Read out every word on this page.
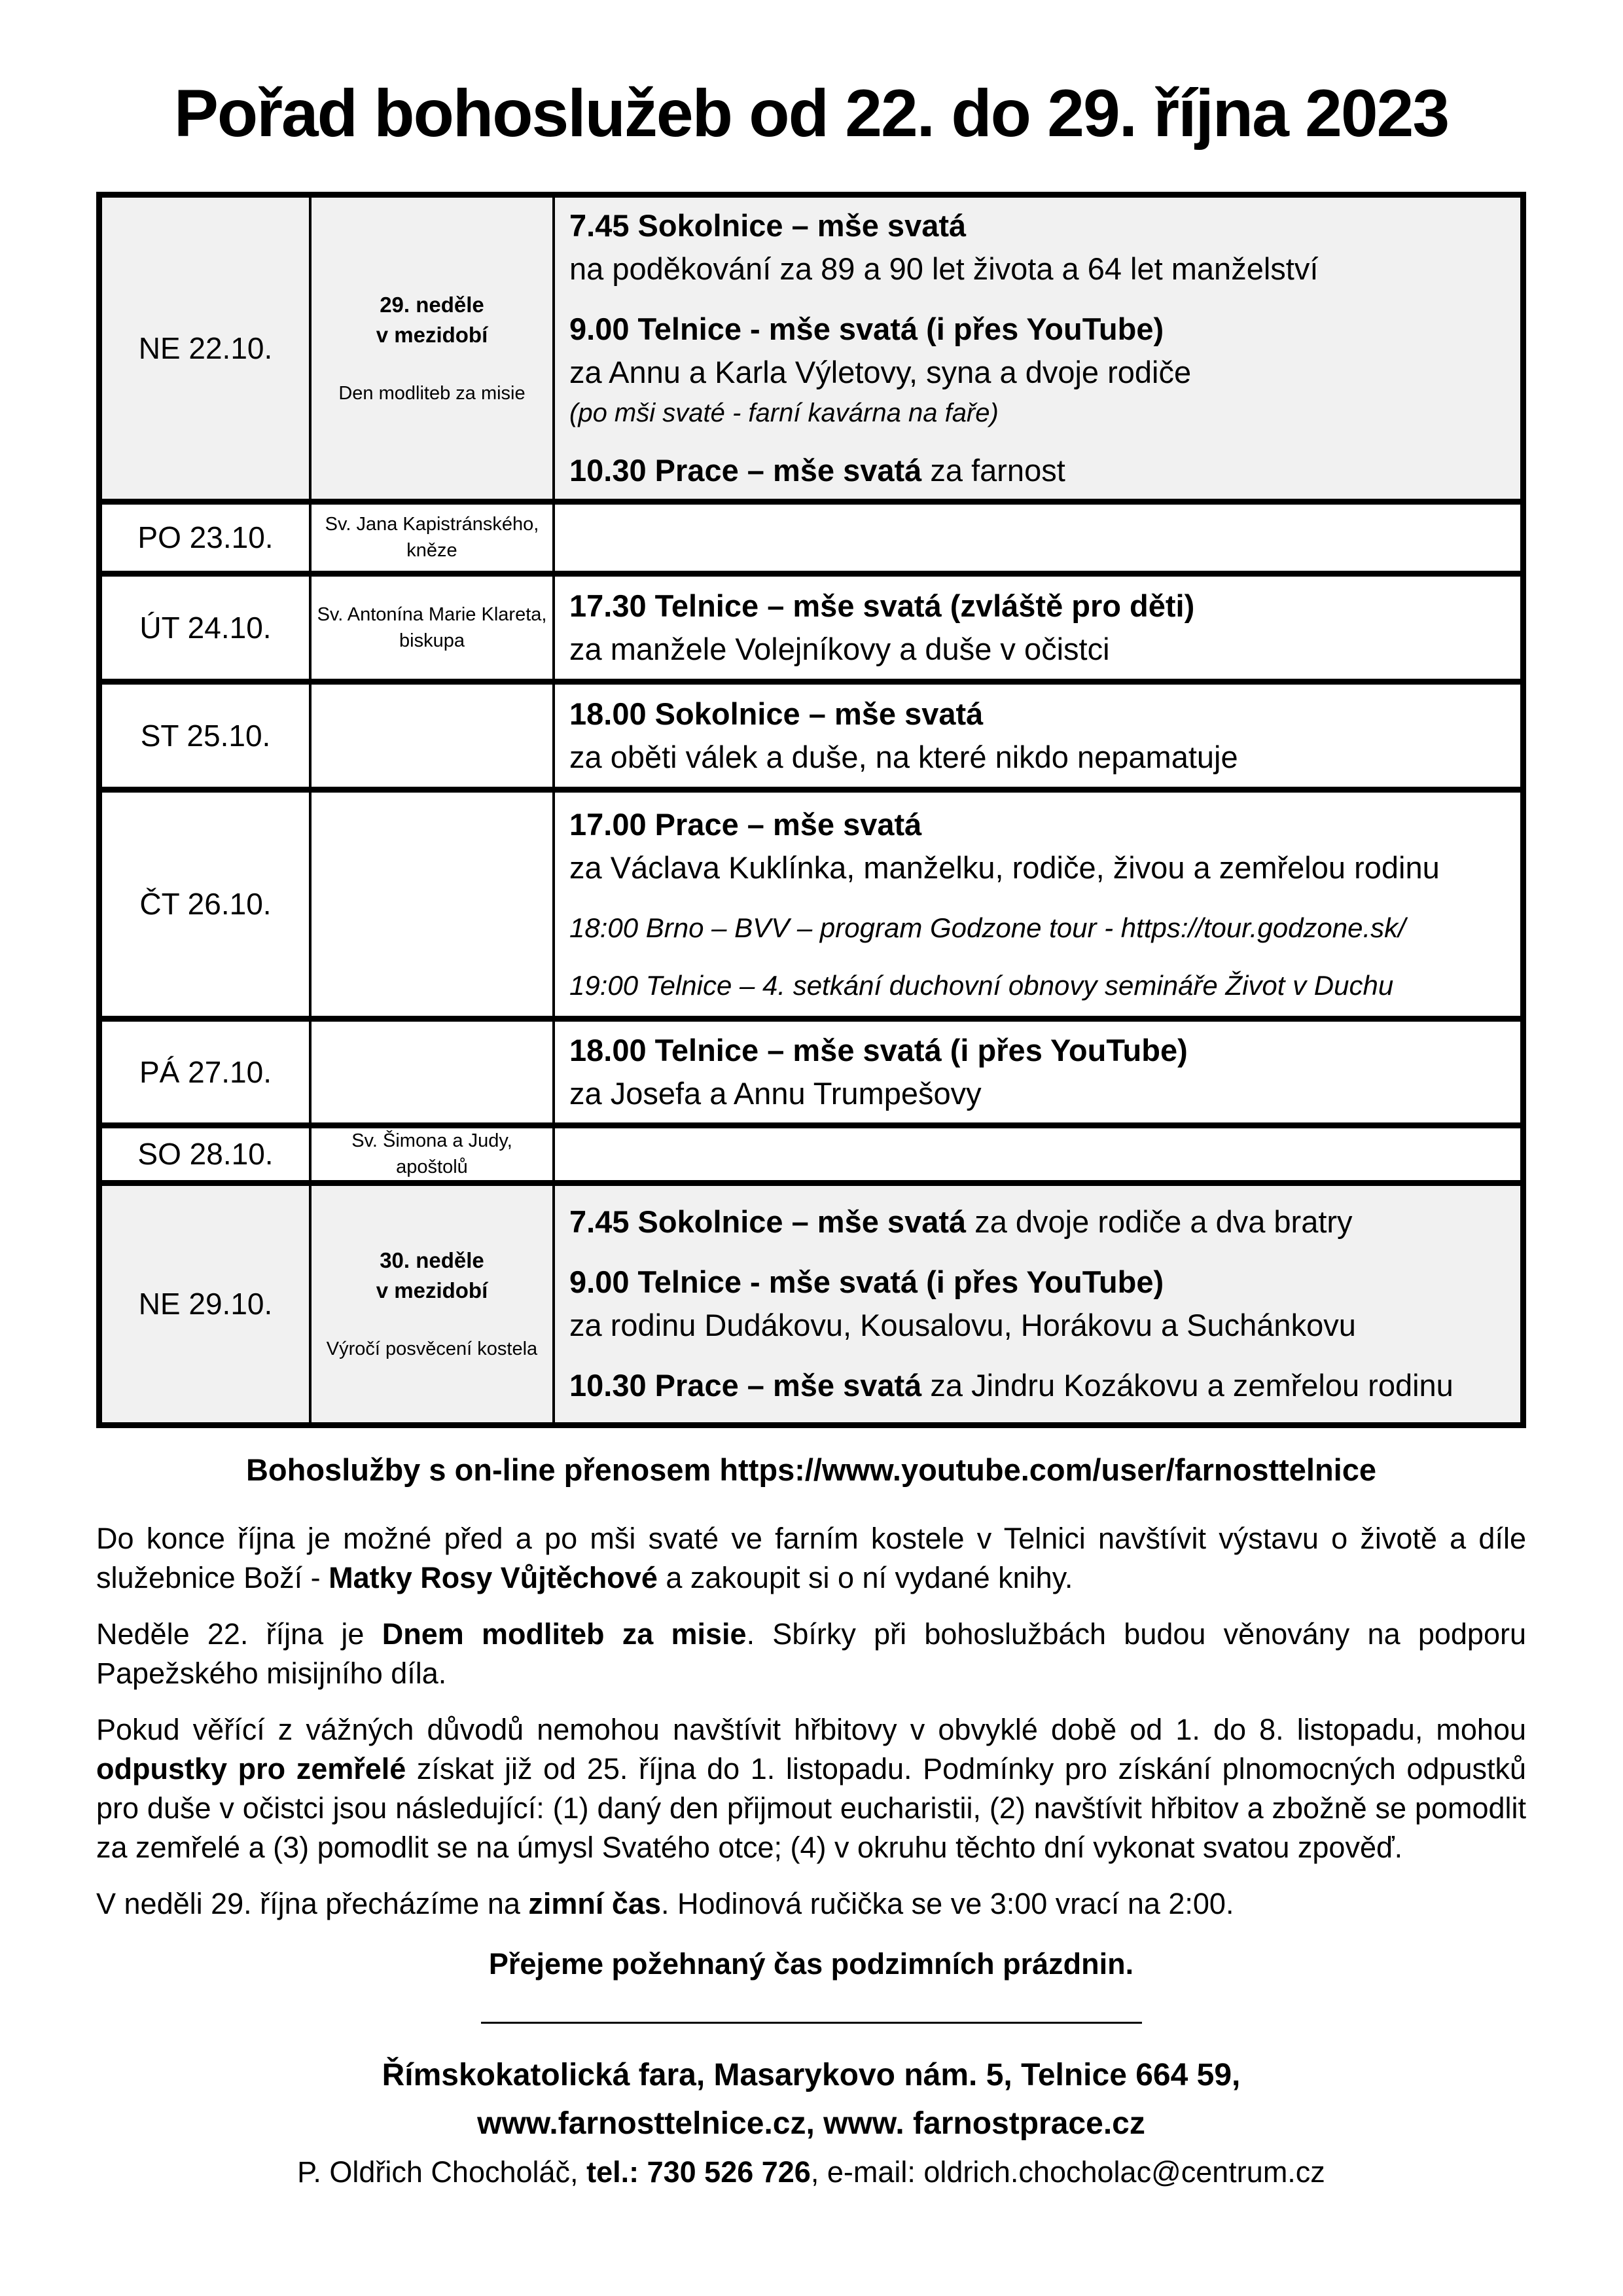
Pořad bohoslužeb od 22. do 29. října 2023
NE 22.10.
29. neděle
v mezidobí
Den modliteb za misie
7.45 Sokolnice – mše svatá
na poděkování za 89 a 90 let života a 64 let manželství
9.00 Telnice - mše svatá (i přes YouTube)
za Annu a Karla Výletovy, syna a dvoje rodiče
(po mši svaté - farní kavárna na faře)
10.30 Prace – mše svatá za farnost
PO 23.10.	Sv. Jana Kapistránského, kněze
ÚT 24.10. Sv. Antonína Marie Klareta, biskupa
17.30 Telnice – mše svatá (zvláště pro děti)
za manžele Volejníkovy a duše v očistci
ST 25.10.
18.00 Sokolnice – mše svatá
za oběti válek a duše, na které nikdo nepamatuje
ČT 26.10.
17.00 Prace – mše svatá
za Václava Kuklínka, manželku, rodiče, živou a zemřelou rodinu
18:00 Brno – BVV – program Godzone tour - https://tour.godzone.sk/
19:00 Telnice – 4. setkání duchovní obnovy semináře Život v Duchu
PÁ 27.10.
18.00 Telnice – mše svatá (i přes YouTube)
za Josefa a Annu Trumpešovy
SO 28.10.	Sv. Šimona a Judy, apoštolů
NE 29.10.
30. neděle
v mezidobí
Výročí posvěcení kostela
7.45 Sokolnice – mše svatá za dvoje rodiče a dva bratry
9.00 Telnice - mše svatá (i přes YouTube)
za rodinu Dudákovu, Kousalovu, Horákovu a Suchánkovu
10.30 Prace – mše svatá za Jindru Kozákovu a zemřelou rodinu
Bohoslužby s on-line přenosem https://www.youtube.com/user/farnosttelnice

Do konce října je možné před a po mši svaté ve farním kostele v Telnici navštívit výstavu o životě a díle služebnice Boží - Matky Rosy Vůjtěchové a zakoupit si o ní vydané knihy.

Neděle 22. října je Dnem modliteb za misie. Sbírky při bohoslužbách budou věnovány na podporu Papežského misijního díla.

Pokud věřící z vážných důvodů nemohou navštívit hřbitovy v obvyklé době od 1. do 8. listopadu, mohou odpustky pro zemřelé získat již od 25. října do 1. listopadu. Podmínky pro získání plnomocných odpustků pro duše v očistci jsou následující: (1) daný den přijmout eucharistii, (2) navštívit hřbitov a zbožně se pomodlit za zemřelé a (3) pomodlit se na úmysl Svatého otce; (4) v okruhu těchto dní vykonat svatou zpověď.

V neděli 29. října přecházíme na zimní čas. Hodinová ručička se ve 3:00 vrací na 2:00.

Přejeme požehnaný čas podzimních prázdnin.
Římskokatolická fara, Masarykovo nám. 5, Telnice 664 59,
www.farnosttelnice.cz, www. farnostprace.cz
P. Oldřich Chocholáč, tel.: 730 526 726, e-mail: oldrich.chocholac@centrum.cz
